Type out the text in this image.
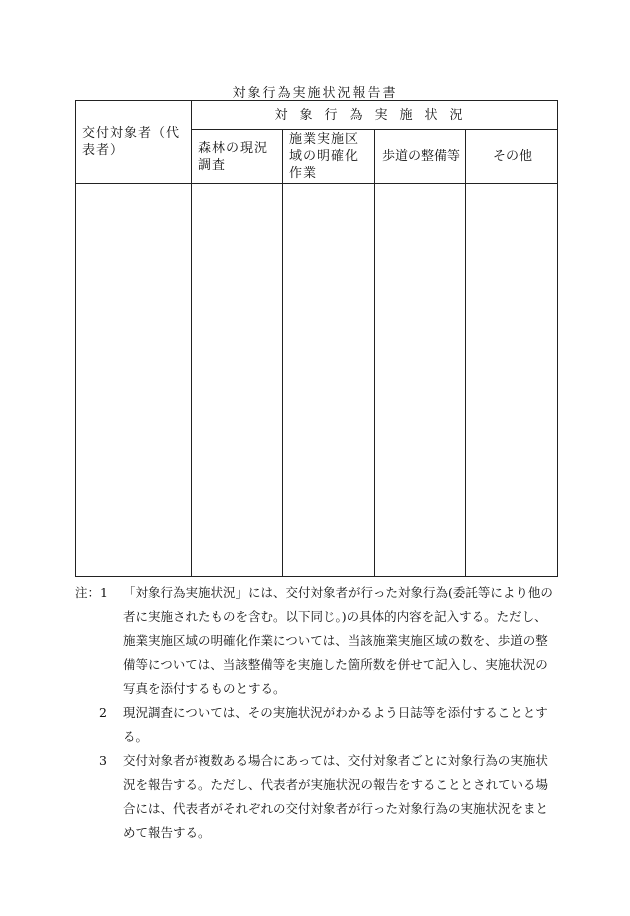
対象行為実施状況報告書
交付対象者（代表者）	対象行為実施状況			
	森林の現況調査	施業実施区域の明確化作業	歩道の整備等	その他

注：1	「対象行為実施状況」には、交付対象者が行った対象行為(委託等により他の者に実施されたものを含む。以下同じ。)の具体的内容を記入する。ただし、施業実施区域の明確化作業については、当該施業実施区域の数を、歩道の整備等については、当該整備等を実施した箇所数を併せて記入し、実施状況の写真を添付するものとする。
2	現況調査については、その実施状況がわかるよう日誌等を添付することとする。
3	交付対象者が複数ある場合にあっては、交付対象者ごとに対象行為の実施状況を報告する。ただし、代表者が実施状況の報告をすることとされている場合には、代表者がそれぞれの交付対象者が行った対象行為の実施状況をまとめて報告する。
